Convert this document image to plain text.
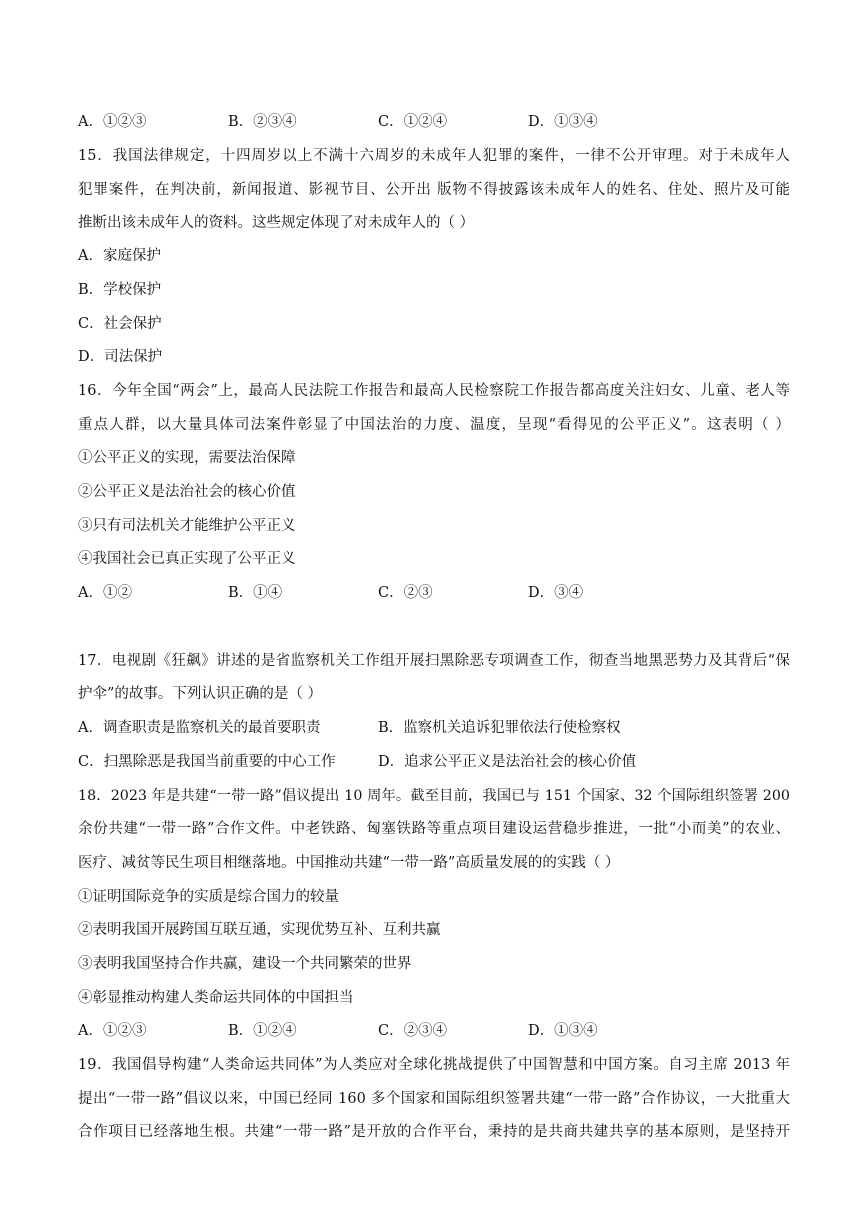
A．①②③	B．②③④	C．①②④	D．①③④
15．我国法律规定，十四周岁以上不满十六周岁的未成年人犯罪的案件，一律不公开审理。对于未成年人
犯罪案件，在判决前，新闻报道、影视节目、公开出 版物不得披露该未成年人的姓名、住处、照片及可能
推断出该未成年人的资料。这些规定体现了对未成年人的（ ）
A．家庭保护
B．学校保护
C．社会保护
D．司法保护
16．今年全国“两会”上，最高人民法院工作报告和最高人民检察院工作报告都高度关注妇女、儿童、老人等
重点人群，以大量具体司法案件彰显了中国法治的力度、温度，呈现“看得见的公平正义”。这表明（ ）
①公平正义的实现，需要法治保障
②公平正义是法治社会的核心价值
③只有司法机关才能维护公平正义
④我国社会已真正实现了公平正义
A．①②	B．①④	C．②③	D．③④
17．电视剧《狂飙》讲述的是省监察机关工作组开展扫黑除恶专项调查工作，彻查当地黑恶势力及其背后“保
护伞”的故事。下列认识正确的是（ ）
A．调查职责是监察机关的最首要职责	B．监察机关追诉犯罪依法行使检察权
C．扫黑除恶是我国当前重要的中心工作	D．追求公平正义是法治社会的核心价值
18．2023 年是共建“一带一路”倡议提出 10 周年。截至目前，我国已与 151 个国家、32 个国际组织签署 200
余份共建“一带一路”合作文件。中老铁路、匈塞铁路等重点项目建设运营稳步推进，一批“小而美”的农业、
医疗、减贫等民生项目相继落地。中国推动共建“一带一路”高质量发展的的实践（ ）
①证明国际竞争的实质是综合国力的较量
②表明我国开展跨国互联互通，实现优势互补、互利共赢
③表明我国坚持合作共赢，建设一个共同繁荣的世界
④彰显推动构建人类命运共同体的中国担当
A．①②③	B．①②④	C．②③④	D．①③④
19．我国倡导构建“人类命运共同体”为人类应对全球化挑战提供了中国智慧和中国方案。自习主席 2013 年
提出“一带一路”倡议以来，中国已经同 160 多个国家和国际组织签署共建“一带一路”合作协议，一大批重大
合作项目已经落地生根。共建“一带一路”是开放的合作平台，秉持的是共商共建共享的基本原则，是坚持开
